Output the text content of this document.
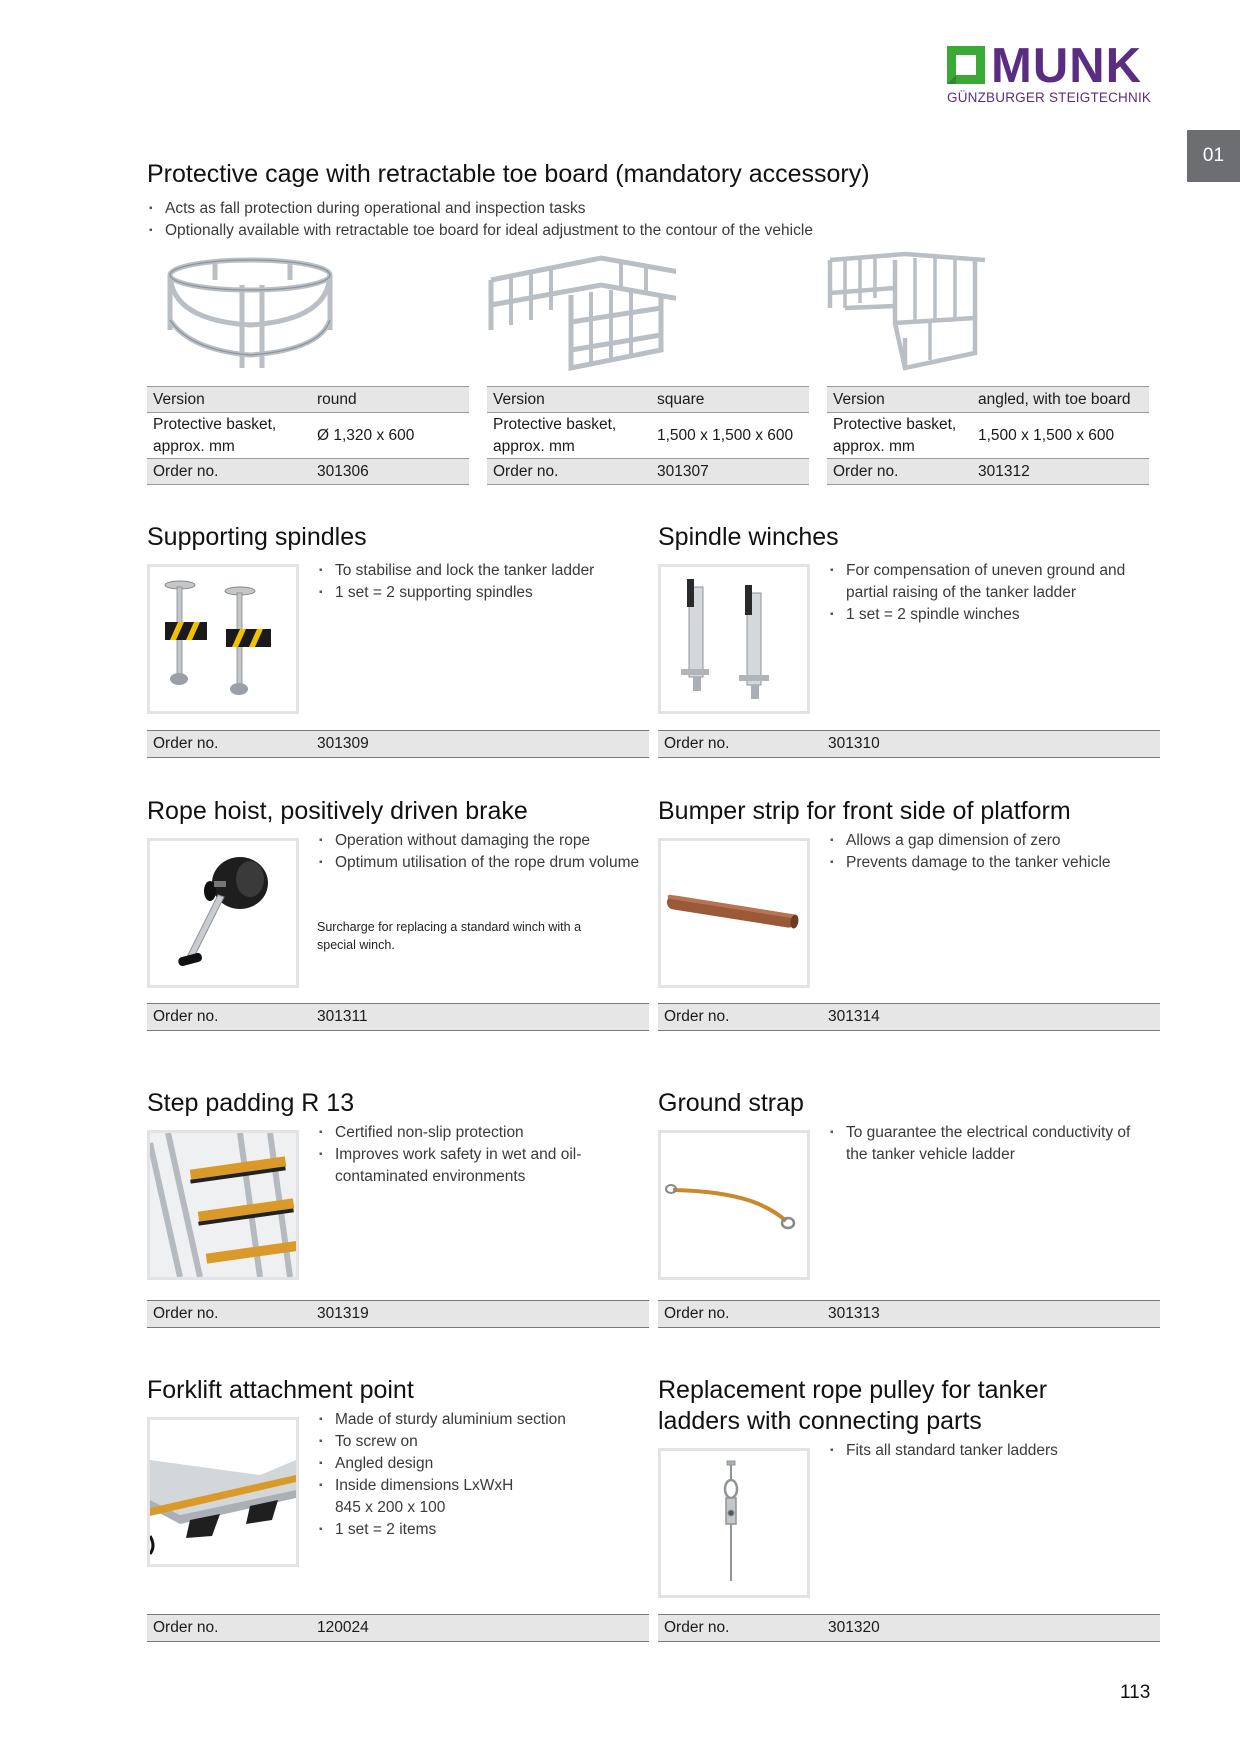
MUNK
GÜNZBURGER STEIGTECHNIK
01
Protective cage with retractable toe board (mandatory accessory)
▪ Acts as fall protection during operational and inspection tasks
▪ Optionally available with retractable toe board for ideal adjustment to the contour of the vehicle
Version	round
Protective basket, approx. mm	Ø 1,320 x 600
Order no.	301306
Version	square
Protective basket, approx. mm	1,500 x 1,500 x 600
Order no.	301307
Version	angled, with toe board
Protective basket, approx. mm	1,500 x 1,500 x 600
Order no.	301312
Supporting spindles
▪ To stabilise and lock the tanker ladder
▪ 1 set = 2 supporting spindles
Order no.	301309
Spindle winches
▪ For compensation of uneven ground and partial raising of the tanker ladder
▪ 1 set = 2 spindle winches
Order no.	301310
Rope hoist, positively driven brake
▪ Operation without damaging the rope
▪ Optimum utilisation of the rope drum volume
Surcharge for replacing a standard winch with a special winch.
Order no.	301311
Bumper strip for front side of platform
▪ Allows a gap dimension of zero
▪ Prevents damage to the tanker vehicle
Order no.	301314
Step padding R 13
▪ Certified non-slip protection
▪ Improves work safety in wet and oil-contaminated environments
Order no.	301319
Ground strap
▪ To guarantee the electrical conductivity of the tanker vehicle ladder
Order no.	301313
Forklift attachment point
▪ Made of sturdy aluminium section
▪ To screw on
▪ Angled design
▪ Inside dimensions LxWxH 845 x 200 x 100
▪ 1 set = 2 items
Order no.	120024
Replacement rope pulley for tanker ladders with connecting parts
▪ Fits all standard tanker ladders
Order no.	301320
113
